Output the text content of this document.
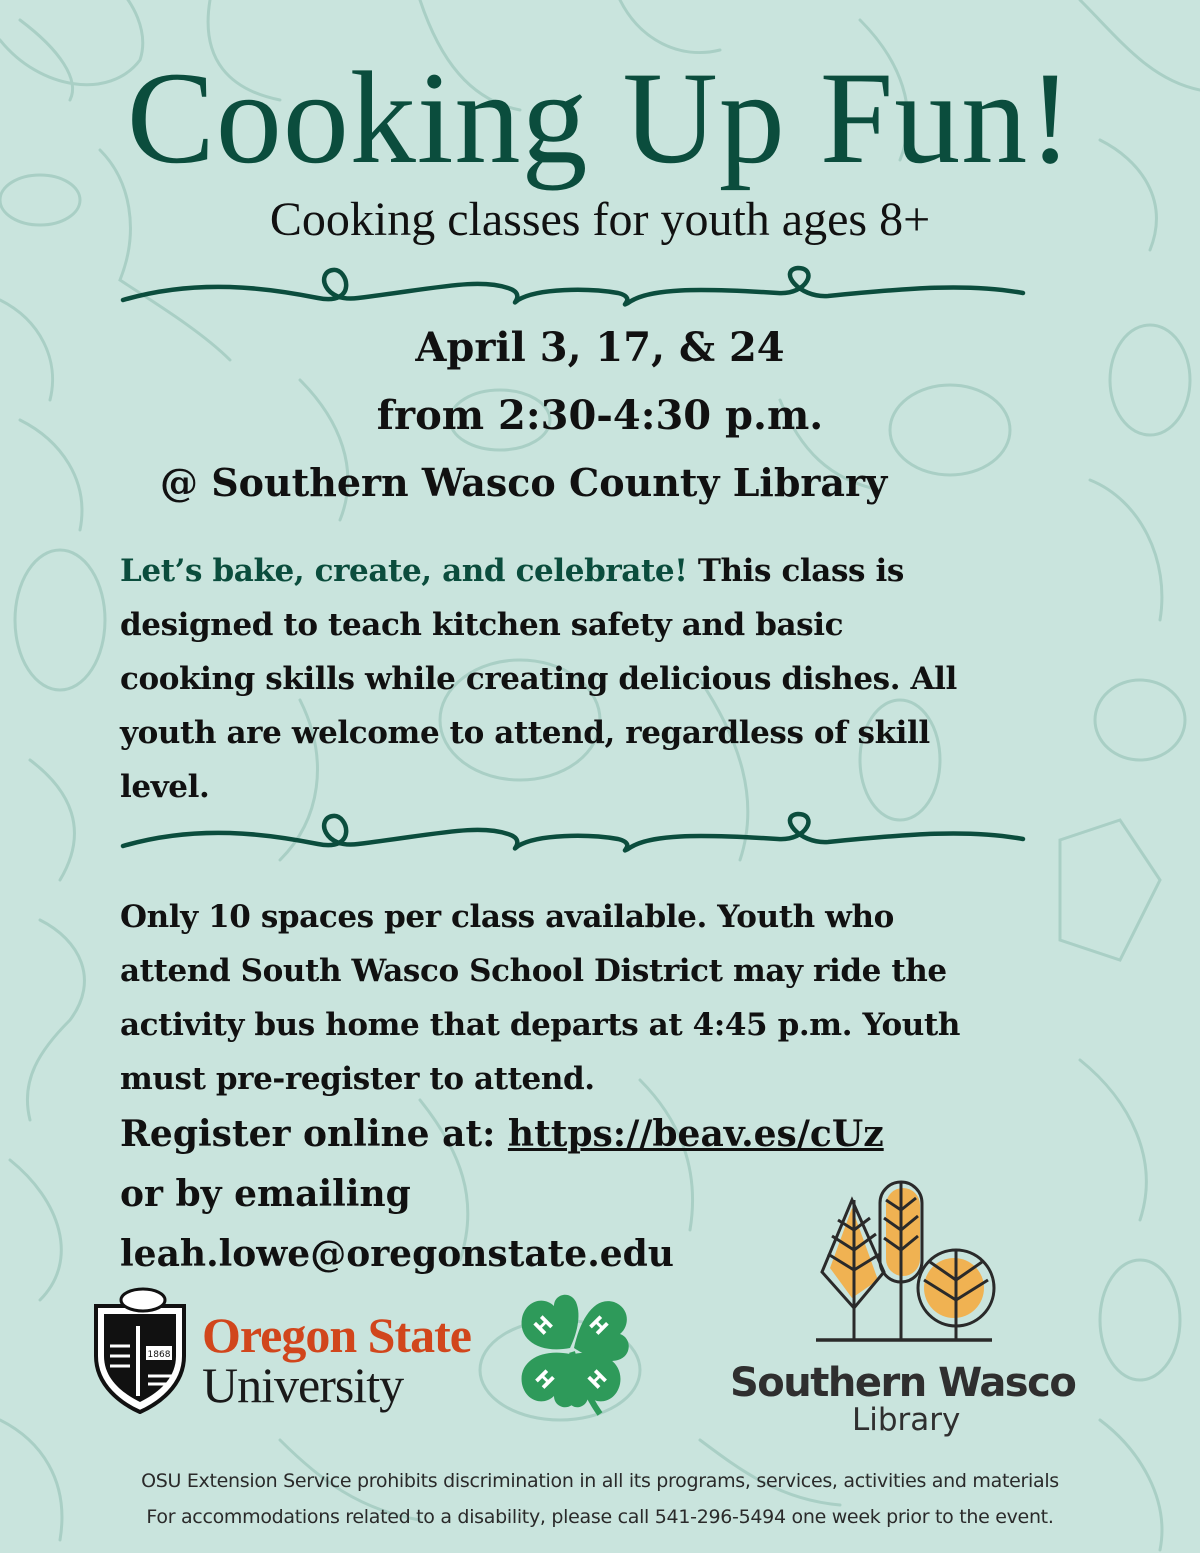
Cooking Up Fun!
Cooking classes for youth ages 8+
April 3, 17, & 24
from 2:30-4:30 p.m.
@ Southern Wasco County Library
Let’s bake, create, and celebrate! This class is
designed to teach kitchen safety and basic
cooking skills while creating delicious dishes. All
youth are welcome to attend, regardless of skill
level.
Only 10 spaces per class available. Youth who
attend South Wasco School District may ride the
activity bus home that departs at 4:45 p.m. Youth
must pre-register to attend.
Register online at: https://beav.es/cUz
or by emailing
leah.lowe@oregonstate.edu
1868 Oregon State
University
H H
H H	Southern Wasco
Library
OSU Extension Service prohibits discrimination in all its programs, services, activities and materials
For accommodations related to a disability, please call 541-296-5494 one week prior to the event.
